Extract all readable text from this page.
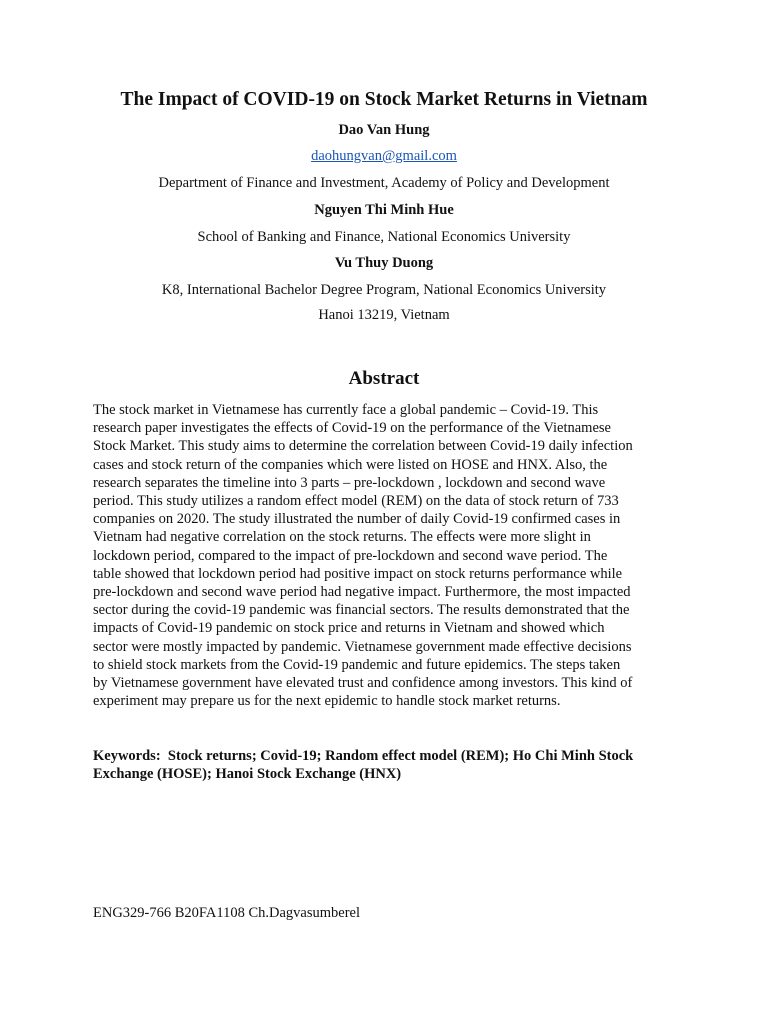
The Impact of COVID-19 on Stock Market Returns in Vietnam
Dao Van Hung
daohungvan@gmail.com
Department of Finance and Investment, Academy of Policy and Development
Nguyen Thi Minh Hue
School of Banking and Finance, National Economics University
Vu Thuy Duong
K8, International Bachelor Degree Program, National Economics University
Hanoi 13219, Vietnam
Abstract
The stock market in Vietnamese has currently face a global pandemic – Covid-19. This
research paper investigates the effects of Covid-19 on the performance of the Vietnamese
Stock Market. This study aims to determine the correlation between Covid-19 daily infection
cases and stock return of the companies which were listed on HOSE and HNX. Also, the
research separates the timeline into 3 parts – pre-lockdown , lockdown and second wave
period. This study utilizes a random effect model (REM) on the data of stock return of 733
companies on 2020. The study illustrated the number of daily Covid-19 confirmed cases in
Vietnam had negative correlation on the stock returns. The effects were more slight in
lockdown period, compared to the impact of pre-lockdown and second wave period. The
table showed that lockdown period had positive impact on stock returns performance while
pre-lockdown and second wave period had negative impact. Furthermore, the most impacted
sector during the covid-19 pandemic was financial sectors. The results demonstrated that the
impacts of Covid-19 pandemic on stock price and returns in Vietnam and showed which
sector were mostly impacted by pandemic. Vietnamese government made effective decisions
to shield stock markets from the Covid-19 pandemic and future epidemics. The steps taken
by Vietnamese government have elevated trust and confidence among investors. This kind of
experiment may prepare us for the next epidemic to handle stock market returns.
Keywords:  Stock returns; Covid-19; Random effect model (REM); Ho Chi Minh Stock
Exchange (HOSE); Hanoi Stock Exchange (HNX)
ENG329-766 B20FA1108 Ch.Dagvasumberel
